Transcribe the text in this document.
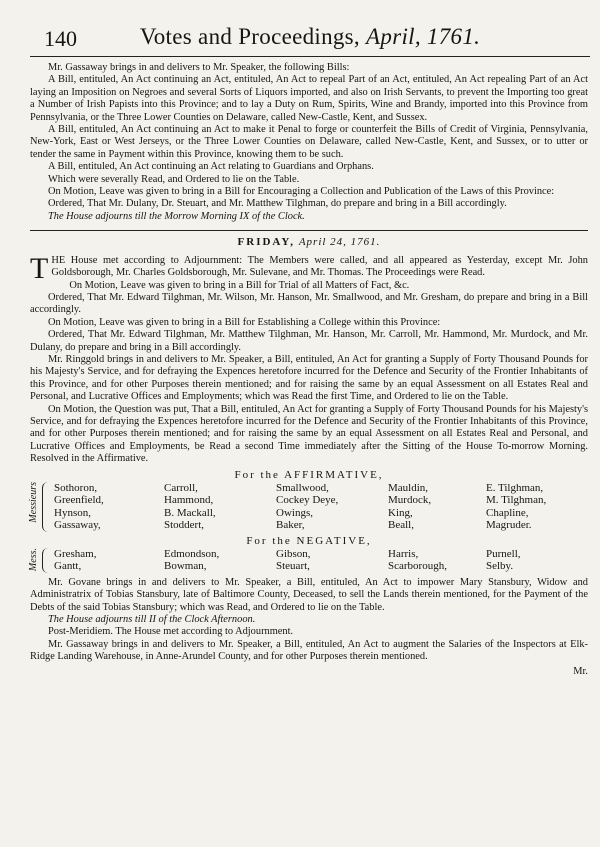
140	Votes and Proceedings, April, 1761.

Mr. Gassaway brings in and delivers to Mr. Speaker, the following Bills:

A Bill, entituled, An Act continuing an Act, entituled, An Act to repeal Part of an Act, entituled, An Act repealing Part of an Act laying an Imposition on Negroes and several Sorts of Liquors imported, and also on Irish Servants, to prevent the Importing too great a Number of Irish Papists into this Province; and to lay a Duty on Rum, Spirits, Wine and Brandy, imported into this Province from Pennsylvania, or the Three Lower Counties on Delaware, called New-Castle, Kent, and Sussex.

A Bill, entituled, An Act continuing an Act to make it Penal to forge or counterfeit the Bills of Credit of Virginia, Pennsylvania, New-York, East or West Jerseys, or the Three Lower Counties on Delaware, called New-Castle, Kent, and Sussex, or to utter or tender the same in Payment within this Province, knowing them to be such.

A Bill, entituled, An Act continuing an Act relating to Guardians and Orphans.

Which were severally Read, and Ordered to lie on the Table.

On Motion, Leave was given to bring in a Bill for Encouraging a Collection and Publication of the Laws of this Province:

Ordered, That Mr. Dulany, Dr. Steuart, and Mr. Matthew Tilghman, do prepare and bring in a Bill accordingly.

The House adjourns till the Morrow Morning IX of the Clock.

FRIDAY, April 24, 1761.

THE House met according to Adjournment: The Members were called, and all appeared as Yesterday, except Mr. John Goldsborough, Mr. Charles Goldsborough, Mr. Sulevane, and Mr. Thomas. The Proceedings were Read.

On Motion, Leave was given to bring in a Bill for Trial of all Matters of Fact, &c.

Ordered, That Mr. Edward Tilghman, Mr. Wilson, Mr. Hanson, Mr. Smallwood, and Mr. Gresham, do prepare and bring in a Bill accordingly.

On Motion, Leave was given to bring in a Bill for Establishing a College within this Province:

Ordered, That Mr. Edward Tilghman, Mr. Matthew Tilghman, Mr. Hanson, Mr. Carroll, Mr. Hammond, Mr. Murdock, and Mr. Dulany, do prepare and bring in a Bill accordingly.

Mr. Ringgold brings in and delivers to Mr. Speaker, a Bill, entituled, An Act for granting a Supply of Forty Thousand Pounds for his Majesty's Service, and for defraying the Expences heretofore incurred for the Defence and Security of the Frontier Inhabitants of this Province, and for other Purposes therein mentioned; and for raising the same by an equal Assessment on all Estates Real and Personal, and Lucrative Offices and Employments; which was Read the first Time, and Ordered to lie on the Table.

On Motion, the Question was put, That a Bill, entituled, An Act for granting a Supply of Forty Thousand Pounds for his Majesty's Service, and for defraying the Expences heretofore incurred for the Defence and Security of the Frontier Inhabitants of this Province, and for other Purposes therein mentioned; and for raising the same by an equal Assessment on all Estates Real and Personal, and Lucrative Offices and Employments, be Read a second Time immediately after the Sitting of the House To-morrow Morning. Resolved in the Affirmative.

For the AFFIRMATIVE,
Messieurs Sothoron,	Carroll,	Smallwood,	Mauldin,	E. Tilghman,
Greenfield,	Hammond,	Cockey Deye,	Murdock,	M. Tilghman,
Hynson,	B. Mackall,	Owings,	King,	Chapline,
Gassaway,	Stoddert,	Baker,	Beall,	Magruder.
For the NEGATIVE,
Mess. Gresham,	Edmondson,	Gibson,	Harris,	Purnell,
Gantt,	Bowman,	Steuart,	Scarborough,	Selby.

Mr. Govane brings in and delivers to Mr. Speaker, a Bill, entituled, An Act to impower Mary Stansbury, Widow and Administratrix of Tobias Stansbury, late of Baltimore County, Deceased, to sell the Lands therein mentioned, for the Payment of the Debts of the said Tobias Stansbury; which was Read, and Ordered to lie on the Table.

The House adjourns till II of the Clock Afternoon.

Post-Meridiem. The House met according to Adjournment.

Mr. Gassaway brings in and delivers to Mr. Speaker, a Bill, entituled, An Act to augment the Salaries of the Inspectors at Elk-Ridge Landing Warehouse, in Anne-Arundel County, and for other Purposes therein mentioned.

Mr.
